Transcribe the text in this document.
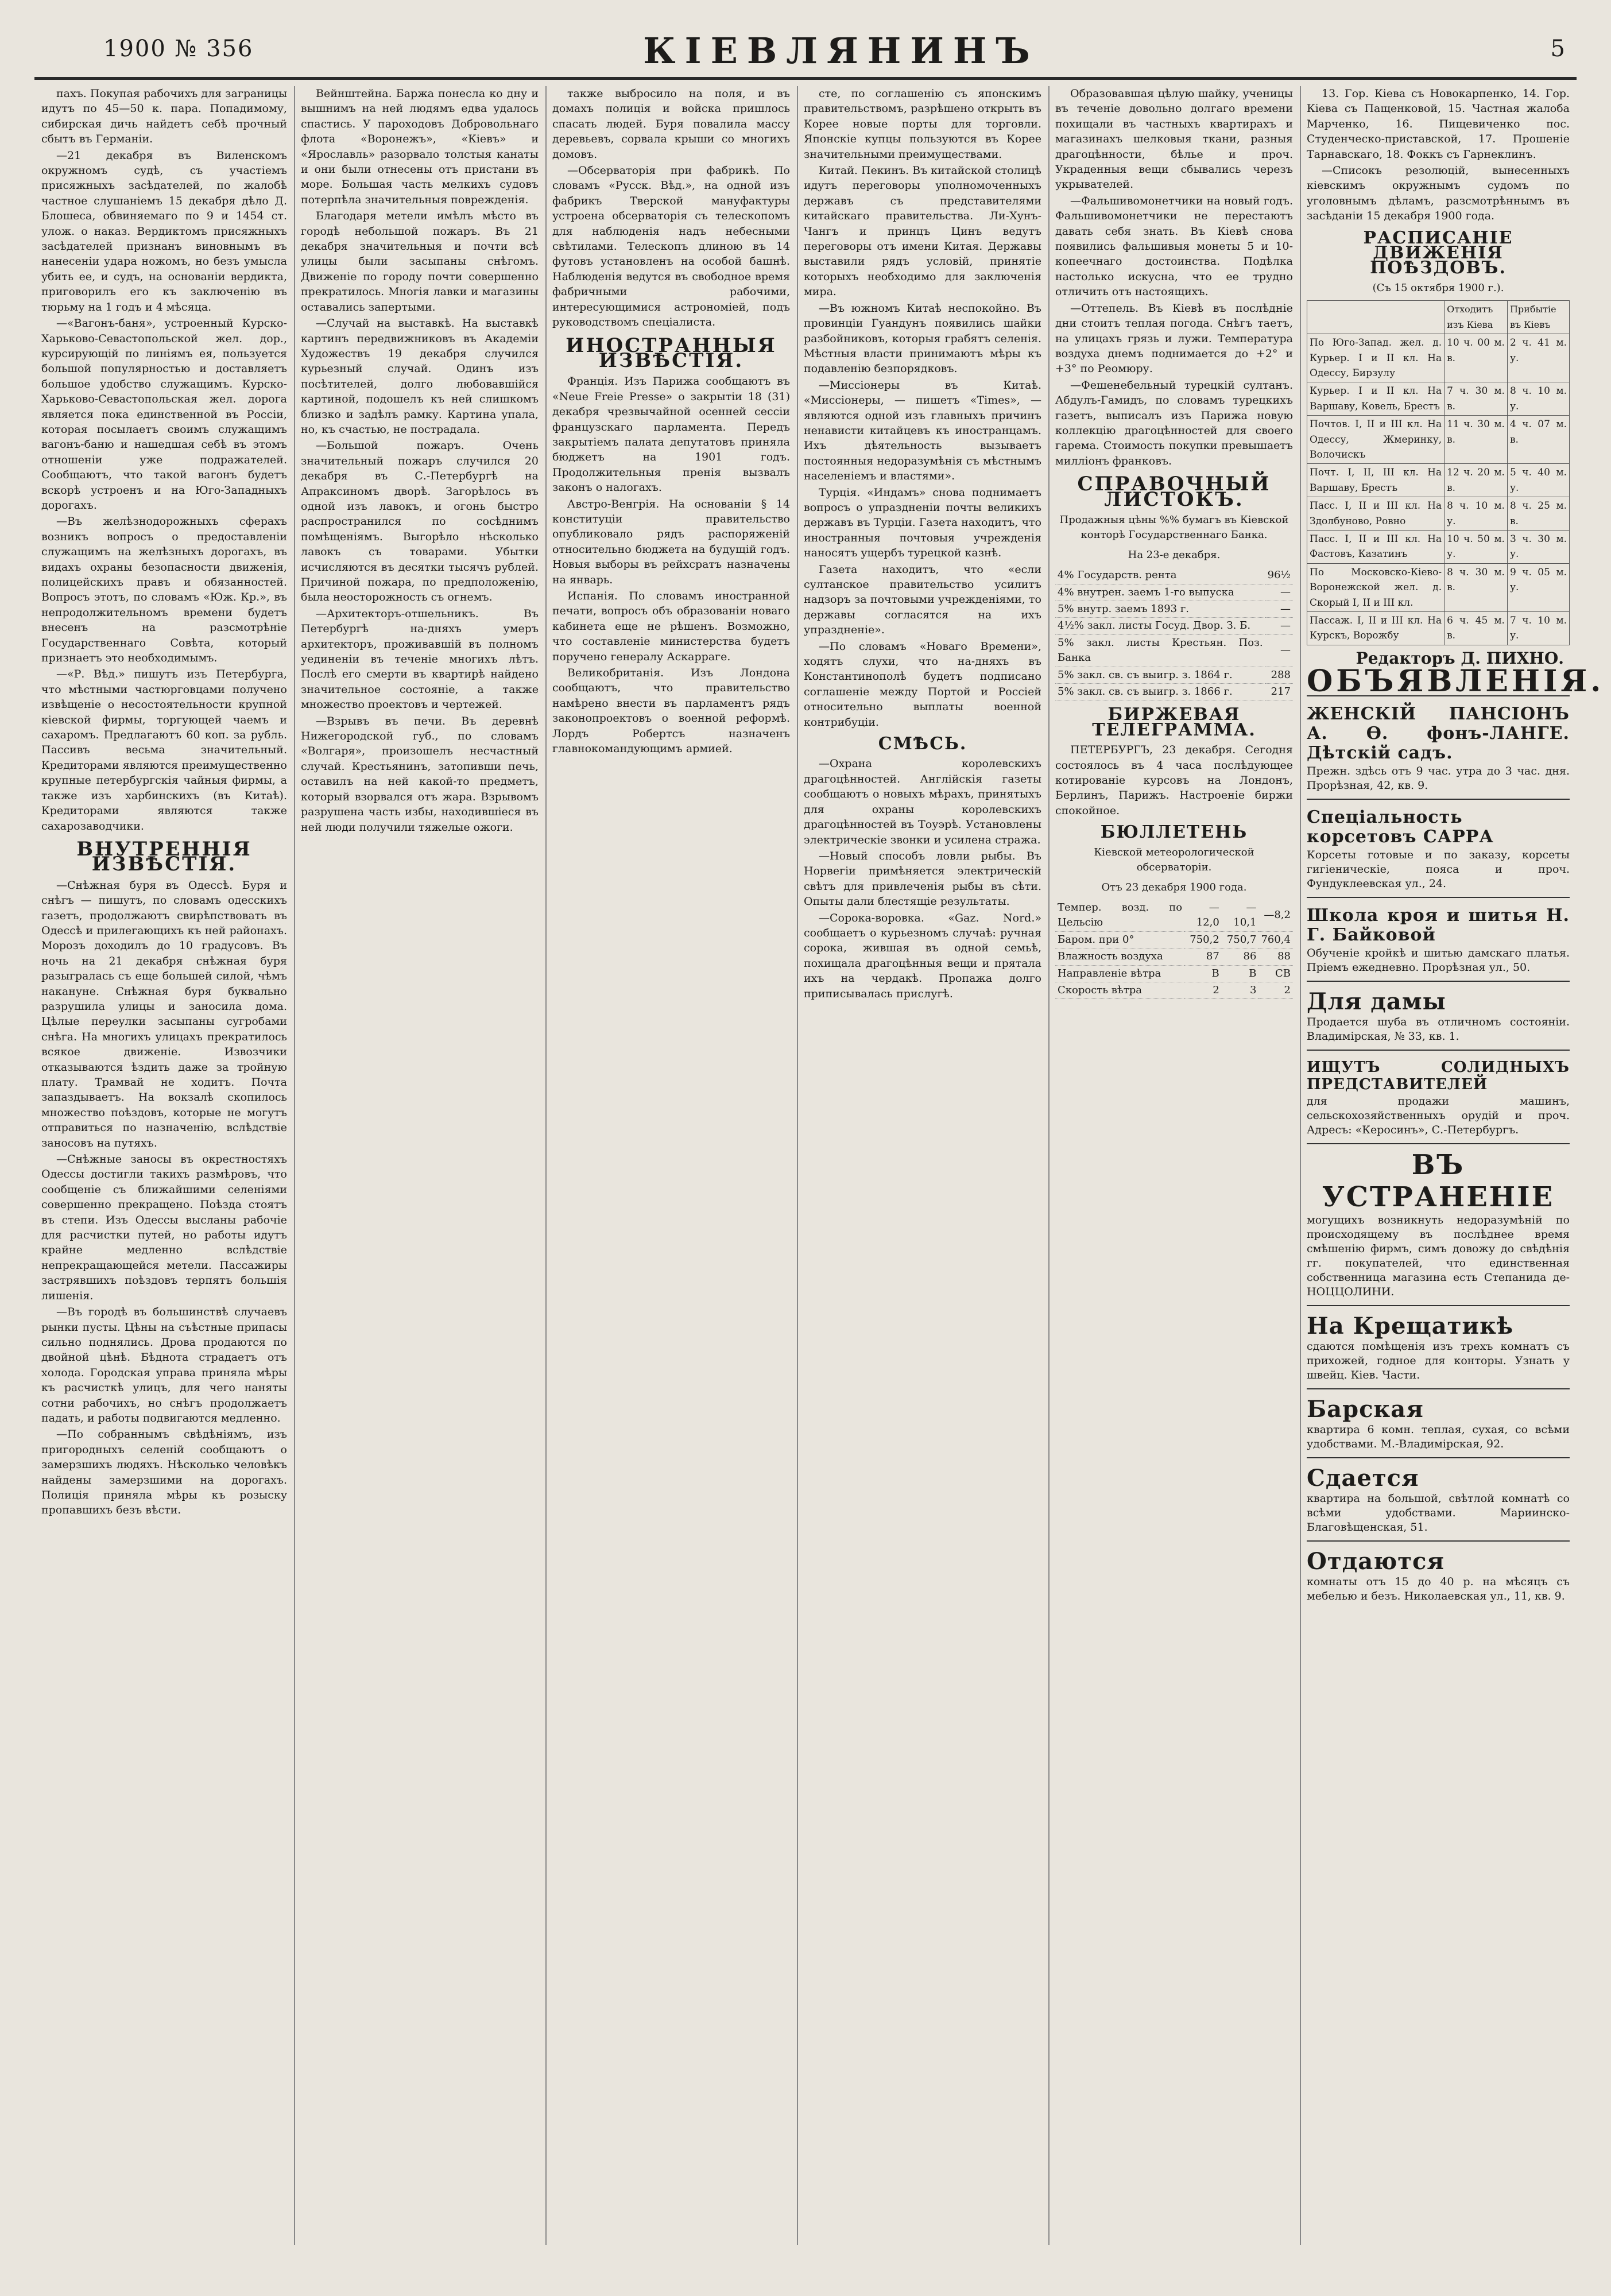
1900 № 356	КІЕВЛЯНИНЪ	5

пахъ. Покупая рабочихъ для заграницы идутъ по 45—50 к. пара. Попадимому, сибирская дичь найдетъ себѣ прочный сбытъ въ Германіи.

—21 декабря въ Виленскомъ окружномъ судѣ, съ участіемъ присяжныхъ засѣдателей, по жалобѣ частное слушаніемъ 15 декабря дѣло Д. Блошеса, обвиняемаго по 9 и 1454 ст. улож. о наказ. Вердиктомъ присяжныхъ засѣдателей признанъ виновнымъ въ нанесеніи удара ножомъ, но безъ умысла убить ее, и судъ, на основаніи вердикта, приговорилъ его къ заключенію въ тюрьму на 1 годъ и 4 мѣсяца.

—«Вагонъ-баня», устроенный Курско-Харьково-Севастопольской жел. дор., курсирующій по линіямъ ея, пользуется большой популярностью и доставляетъ большое удобство служащимъ. Курско-Харьково-Севастопольская жел. дорога является пока единственной въ Россіи, которая посылаетъ своимъ служащимъ вагонъ-баню и нашедшая себѣ въ этомъ отношеніи уже подражателей. Сообщаютъ, что такой вагонъ будетъ вскорѣ устроенъ и на Юго-Западныхъ дорогахъ.

—Въ желѣзнодорожныхъ сферахъ возникъ вопросъ о предоставленіи служащимъ на желѣзныхъ дорогахъ, въ видахъ охраны безопасности движенія, полицейскихъ правъ и обязанностей. Вопросъ этотъ, по словамъ «Юж. Кр.», въ непродолжительномъ времени будетъ внесенъ на разсмотрѣніе Государственнаго Совѣта, который признаетъ это необходимымъ.

—«Р. Вѣд.» пишутъ изъ Петербурга, что мѣстными частюрговцами получено извѣщеніе о несостоятельности крупной кіевской фирмы, торгующей чаемъ и сахаромъ. Предлагаютъ 60 коп. за рубль. Пассивъ весьма значительный. Кредиторами являются преимущественно крупные петербургскія чайныя фирмы, а также изъ харбинскихъ (въ Китаѣ). Кредиторами являются также сахарозаводчики.

ВНУТРЕННІЯ ИЗВѢСТІЯ.

—Снѣжная буря въ Одессѣ. Буря и снѣгъ — пишутъ, по словамъ одесскихъ газетъ, продолжаютъ свирѣпствовать въ Одессѣ и прилегающихъ къ ней районахъ. Морозъ доходилъ до 10 градусовъ. Въ ночь на 21 декабря снѣжная буря разыгралась съ еще большей силой, чѣмъ накануне. Снѣжная буря буквально разрушила улицы и заносила дома. Цѣлые переулки засыпаны сугробами снѣга. На многихъ улицахъ прекратилось всякое движеніе. Извозчики отказываются ѣздить даже за тройную плату. Трамвай не ходитъ. Почта запаздываетъ. На вокзалѣ скопилось множество поѣздовъ, которые не могутъ отправиться по назначенію, вслѣдствіе заносовъ на путяхъ.

—Снѣжные заносы въ окрестностяхъ Одессы достигли такихъ размѣровъ, что сообщеніе съ ближайшими селеніями совершенно прекращено. Поѣзда стоятъ въ степи. Изъ Одессы высланы рабочіе для расчистки путей, но работы идутъ крайне медленно вслѣдствіе непрекращающейся метели. Пассажиры застрявшихъ поѣздовъ терпятъ большія лишенія.

—Въ городѣ въ большинствѣ случаевъ рынки пусты. Цѣны на съѣстные припасы сильно поднялись. Дрова продаются по двойной цѣнѣ. Бѣднота страдаетъ отъ холода. Городская управа приняла мѣры къ расчисткѣ улицъ, для чего наняты сотни рабочихъ, но снѣгъ продолжаетъ падать, и работы подвигаются медленно.

—По собраннымъ свѣдѣніямъ, изъ пригородныхъ селеній сообщаютъ о замерзшихъ людяхъ. Нѣсколько человѣкъ найдены замерзшими на дорогахъ. Полиція приняла мѣры къ розыску пропавшихъ безъ вѣсти.

Вейнштейна. Баржа понесла ко дну и вышнимъ на ней людямъ едва удалось спастись. У пароходовъ Добровольнаго флота «Воронежъ», «Кіевъ» и «Ярославль» разорвало толстыя канаты и они были отнесены отъ пристани въ море. Большая часть мелкихъ судовъ потерпѣла значительныя поврежденія.

Благодаря метели имѣлъ мѣсто въ городѣ небольшой пожаръ. Въ 21 декабря значительныя и почти всѣ улицы были засыпаны снѣгомъ. Движеніе по городу почти совершенно прекратилось. Многія лавки и магазины оставались запертыми.

—Случай на выставкѣ. На выставкѣ картинъ передвижниковъ въ Академіи Художествъ 19 декабря случился курьезный случай. Одинъ изъ посѣтителей, долго любовавшійся картиной, подошелъ къ ней слишкомъ близко и задѣлъ рамку. Картина упала, но, къ счастью, не пострадала.

—Большой пожаръ. Очень значительный пожаръ случился 20 декабря въ С.-Петербургѣ на Апраксиномъ дворѣ. Загорѣлось въ одной изъ лавокъ, и огонь быстро распространился по сосѣднимъ помѣщеніямъ. Выгорѣло нѣсколько лавокъ съ товарами. Убытки исчисляются въ десятки тысячъ рублей. Причиной пожара, по предположенію, была неосторожность съ огнемъ.

—Архитекторъ-отшельникъ. Въ Петербургѣ на-дняхъ умеръ архитекторъ, проживавшій въ полномъ уединеніи въ теченіе многихъ лѣтъ. Послѣ его смерти въ квартирѣ найдено значительное состояніе, а также множество проектовъ и чертежей.

—Взрывъ въ печи. Въ деревнѣ Нижегородской губ., по словамъ «Волгаря», произошелъ несчастный случай. Крестьянинъ, затопивши печь, оставилъ на ней какой-то предметъ, который взорвался отъ жара. Взрывомъ разрушена часть избы, находившіеся въ ней люди получили тяжелые ожоги.

также выбросило на поля, и въ домахъ полиція и войска пришлось спасать людей. Буря повалила массу деревьевъ, сорвала крыши со многихъ домовъ.

—Обсерваторія при фабрикѣ. По словамъ «Русск. Вѣд.», на одной изъ фабрикъ Тверской мануфактуры устроена обсерваторія съ телескопомъ для наблюденія надъ небесными свѣтилами. Телескопъ длиною въ 14 футовъ установленъ на особой башнѣ. Наблюденія ведутся въ свободное время фабричными рабочими, интересующимися астрономіей, подъ руководствомъ спеціалиста.

ИНОСТРАННЫЯ ИЗВѢСТІЯ.

Франція. Изъ Парижа сообщаютъ въ «Neue Freie Presse» о закрытіи 18 (31) декабря чрезвычайной осенней сессіи французскаго парламента. Передъ закрытіемъ палата депутатовъ приняла бюджетъ на 1901 годъ. Продолжительныя пренія вызвалъ законъ о налогахъ.

Австро-Венгрія. На основаніи § 14 конституціи правительство опубликовало рядъ распоряженій относительно бюджета на будущій годъ. Новыя выборы въ рейхсратъ назначены на январь.

Испанія. По словамъ иностранной печати, вопросъ объ образованіи новаго кабинета еще не рѣшенъ. Возможно, что составленіе министерства будетъ поручено генералу Аскарраге.

Великобританія. Изъ Лондона сообщаютъ, что правительство намѣрено внести въ парламентъ рядъ законопроектовъ о военной реформѣ. Лордъ Робертсъ назначенъ главнокомандующимъ армией.

сте, по соглашенію съ японскимъ правительствомъ, разрѣшено открыть въ Корее новые порты для торговли. Японскіе купцы пользуются въ Корее значительными преимуществами.

Китай. Пекинъ. Въ китайской столицѣ идутъ переговоры уполномоченныхъ державъ съ представителями китайскаго правительства. Ли-Хунъ-Чангъ и принцъ Цинъ ведутъ переговоры отъ имени Китая. Державы выставили рядъ условій, принятіе которыхъ необходимо для заключенія мира.

—Въ южномъ Китаѣ неспокойно. Въ провинціи Гуандунъ появились шайки разбойниковъ, которыя грабятъ селенія. Мѣстныя власти принимаютъ мѣры къ подавленію безпорядковъ.

—Миссіонеры въ Китаѣ. «Миссіонеры, — пишетъ «Times», — являются одной изъ главныхъ причинъ ненависти китайцевъ къ иностранцамъ. Ихъ дѣятельность вызываетъ постоянныя недоразумѣнія съ мѣстнымъ населеніемъ и властями».

Турція. «Индамъ» снова поднимаетъ вопросъ о упраздненіи почты великихъ державъ въ Турціи. Газета находитъ, что иностранныя почтовыя учрежденія наносятъ ущербъ турецкой казнѣ.

Газета находитъ, что «если султанское правительство усилитъ надзоръ за почтовыми учрежденіями, то державы согласятся на ихъ упраздненіе».

—По словамъ «Новаго Времени», ходятъ слухи, что на-дняхъ въ Константинополѣ будетъ подписано соглашеніе между Портой и Россіей относительно выплаты военной контрибуціи.

СМѢСЬ.

—Охрана королевскихъ драгоцѣнностей. Англійскія газеты сообщаютъ о новыхъ мѣрахъ, принятыхъ для охраны королевскихъ драгоцѣнностей въ Тоуэрѣ. Установлены электрическіе звонки и усилена стража.

—Новый способъ ловли рыбы. Въ Норвегіи примѣняется электрическій свѣтъ для привлеченія рыбы въ сѣти. Опыты дали блестящіе результаты.

—Сорока-воровка. «Gaz. Nord.» сообщаетъ о курьезномъ случаѣ: ручная сорока, жившая въ одной семьѣ, похищала драгоцѣнныя вещи и прятала ихъ на чердакѣ. Пропажа долго приписывалась прислугѣ.

Образовавшая цѣлую шайку, ученицы въ теченіе довольно долгаго времени похищали въ частныхъ квартирахъ и магазинахъ шелковыя ткани, разныя драгоцѣнности, бѣлье и проч. Украденныя вещи сбывались черезъ укрывателей.

—Фальшивомонетчики на новый годъ. Фальшивомонетчики не перестаютъ давать себя знать. Въ Кіевѣ снова появились фальшивыя монеты 5 и 10-копеечнаго достоинства. Подѣлка настолько искусна, что ее трудно отличить отъ настоящихъ.

—Оттепель. Въ Кіевѣ въ послѣдніе дни стоитъ теплая погода. Снѣгъ таетъ, на улицахъ грязь и лужи. Температура воздуха днемъ поднимается до +2° и +3° по Реомюру.

—Фешенебельный турецкій султанъ. Абдулъ-Гамидъ, по словамъ турецкихъ газетъ, выписалъ изъ Парижа новую коллекцію драгоцѣнностей для своего гарема. Стоимость покупки превышаетъ милліонъ франковъ.

СПРАВОЧНЫЙ ЛИСТОКЪ.
Продажныя цѣны %% бумагъ въ Кіевской конторѣ Государственнаго Банка.
На 23-е декабря.
4% Государств. рента	96½
4% внутрен. заемъ 1-го выпуска	—
5% внутр. заемъ 1893 г.	—
4½% закл. листы Госуд. Двор. З. Б.	—
5% закл. листы Крестьян. Поз. Банка	—
5% закл. св. съ выигр. з. 1864 г.	288
5% закл. св. съ выигр. з. 1866 г.	217
БИРЖЕВАЯ ТЕЛЕГРАММА.

ПЕТЕРБУРГЪ, 23 декабря. Сегодня состоялось въ 4 часа послѣдующее котированіе курсовъ на Лондонъ, Берлинъ, Парижъ. Настроеніе биржи спокойное.

БЮЛЛЕТЕНЬ
Кіевской метеорологической обсерваторіи.
Отъ 23 декабря 1900 года.
Темпер. возд. по Цельсію	—12,0	—10,1	—8,2
Баром. при 0°	750,2	750,7	760,4
Влажность воздуха	87	86	88
Направленіе вѣтра	В	В	СВ
Скорость вѣтра	2	3	2

13. Гор. Кіева съ Новокарпенко, 14. Гор. Кіева съ Пащенковой, 15. Частная жалоба Марченко, 16. Пищевиченко пос. Студенческо-приставской, 17. Прошеніе Тарнавскаго, 18. Фоккъ съ Гарнеклинъ.

—Списокъ резолюцій, вынесенныхъ кіевскимъ окружнымъ судомъ по уголовнымъ дѣламъ, разсмотрѣннымъ въ засѣданіи 15 декабря 1900 года.

РАСПИСАНІЕ ДВИЖЕНІЯ ПОѢЗДОВЪ.
(Съ 15 октября 1900 г.).
	Отходитъ изъ Кіева	Прибытіе въ Кіевъ
По Юго-Запад. жел. д. Курьер. I и II кл. На Одессу, Бирзулу	10 ч. 00 м. в.	2 ч. 41 м. у.
Курьер. I и II кл. На Варшаву, Ковель, Брестъ	7 ч. 30 м. в.	8 ч. 10 м. у.
Почтов. I, II и III кл. На Одессу, Жмеринку, Волочискъ	11 ч. 30 м. в.	4 ч. 07 м. в.
Почт. I, II, III кл. На Варшаву, Брестъ	12 ч. 20 м. в.	5 ч. 40 м. у.
Пасс. I, II и III кл. На Здолбуново, Ровно	8 ч. 10 м. у.	8 ч. 25 м. в.
Пасс. I, II и III кл. На Фастовъ, Казатинъ	10 ч. 50 м. у.	3 ч. 30 м. у.
По Московско-Кіево-Воронежской жел. д. Скорый I, II и III кл.	8 ч. 30 м. в.	9 ч. 05 м. у.
Пассаж. I, II и III кл. На Курскъ, Ворожбу	6 ч. 45 м. в.	7 ч. 10 м. у.
Редакторъ Д. ПИХНО.
ОБЪЯВЛЕНІЯ.
ЖЕНСКІЙ ПАНСІОНЪ А. Ѳ. фонъ-ЛАНГЕ. Дѣтскій садъ.
Прежн. здѣсь отъ 9 час. утра до 3 час. дня. Прорѣзная, 42, кв. 9.
Спеціальность корсетовъ САРРА
Корсеты готовые и по заказу, корсеты гигіеническіе, пояса и проч. Фундуклеевская ул., 24.
Школа кроя и шитья Н. Г. Байковой
Обученіе кройкѣ и шитью дамскаго платья. Пріемъ ежедневно. Прорѣзная ул., 50.
Для дамы
Продается шуба въ отличномъ состояніи. Владимірская, № 33, кв. 1.
ИЩУТЪ СОЛИДНЫХЪ ПРЕДСТАВИТЕЛЕЙ
для продажи машинъ, сельскохозяйственныхъ орудій и проч. Адресъ: «Керосинъ», С.-Петербургъ.
ВЪ УСТРАНЕНІЕ
могущихъ возникнуть недоразумѣній по происходящему въ послѣднее время смѣшенію фирмъ, симъ довожу до свѣдѣнія гг. покупателей, что единственная собственница магазина есть Степанида де-НОЦЦОЛИНИ.
На Крещатикѣ
сдаются помѣщенія изъ трехъ комнатъ съ прихожей, годное для конторы. Узнать у швейц. Кіев. Части.
Барская
квартира 6 комн. теплая, сухая, со всѣми удобствами. М.-Владимірская, 92.
Сдается
квартира на большой, свѣтлой комнатѣ со всѣми удобствами. Мариинско-Благовѣщенская, 51.
Отдаются
комнаты отъ 15 до 40 р. на мѣсяцъ съ мебелью и безъ. Николаевская ул., 11, кв. 9.
